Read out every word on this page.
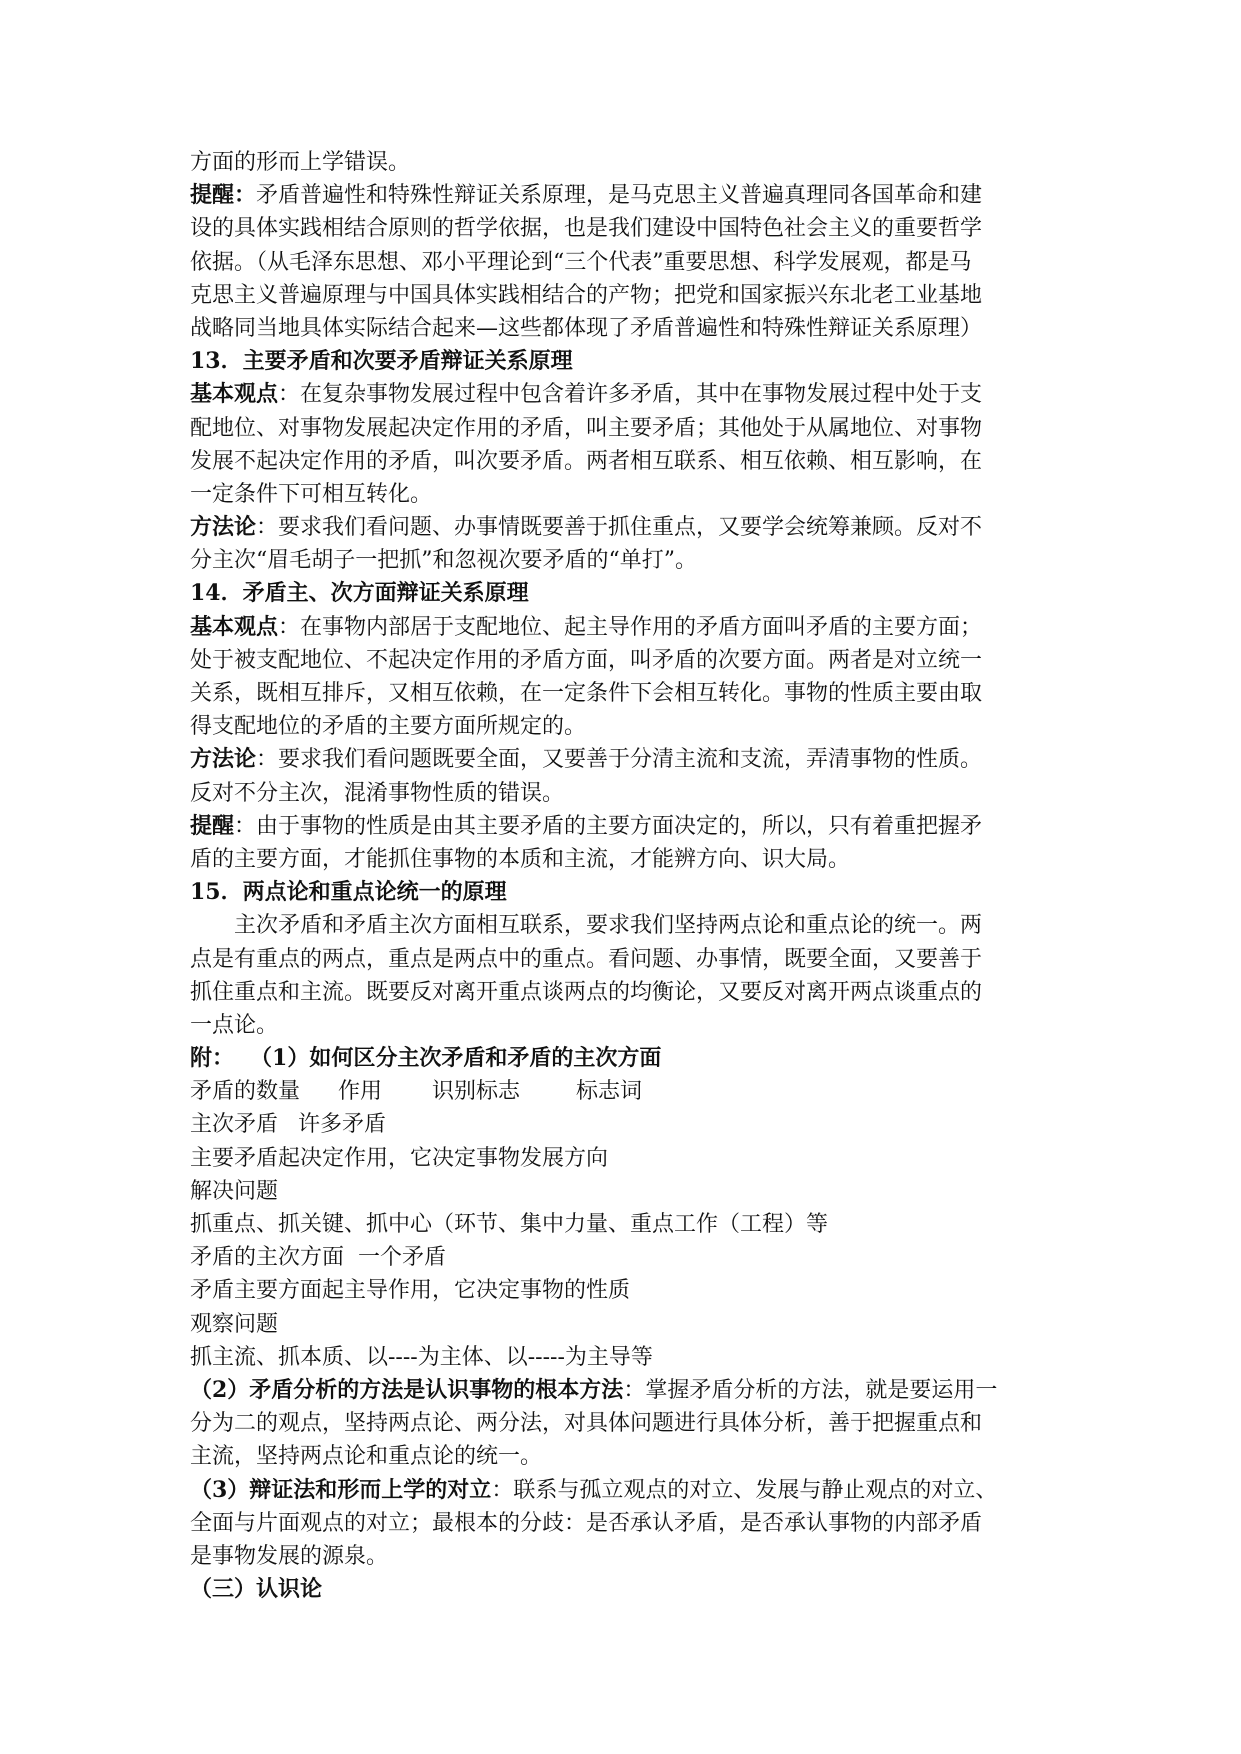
方面的形而上学错误。
提醒：矛盾普遍性和特殊性辩证关系原理，是马克思主义普遍真理同各国革命和建
设的具体实践相结合原则的哲学依据，也是我们建设中国特色社会主义的重要哲学
依据。（从毛泽东思想、邓小平理论到“三个代表”重要思想、科学发展观，都是马
克思主义普遍原理与中国具体实践相结合的产物；把党和国家振兴东北老工业基地
战略同当地具体实际结合起来—这些都体现了矛盾普遍性和特殊性辩证关系原理）
13．主要矛盾和次要矛盾辩证关系原理
基本观点：在复杂事物发展过程中包含着许多矛盾，其中在事物发展过程中处于支
配地位、对事物发展起决定作用的矛盾，叫主要矛盾；其他处于从属地位、对事物
发展不起决定作用的矛盾，叫次要矛盾。两者相互联系、相互依赖、相互影响，在
一定条件下可相互转化。
方法论：要求我们看问题、办事情既要善于抓住重点，又要学会统筹兼顾。反对不
分主次“眉毛胡子一把抓”和忽视次要矛盾的“单打”。
14．矛盾主、次方面辩证关系原理
基本观点：在事物内部居于支配地位、起主导作用的矛盾方面叫矛盾的主要方面；
处于被支配地位、不起决定作用的矛盾方面，叫矛盾的次要方面。两者是对立统一
关系，既相互排斥，又相互依赖，在一定条件下会相互转化。事物的性质主要由取
得支配地位的矛盾的主要方面所规定的。
方法论：要求我们看问题既要全面，又要善于分清主流和支流，弄清事物的性质。
反对不分主次，混淆事物性质的错误。
提醒：由于事物的性质是由其主要矛盾的主要方面决定的，所以，只有着重把握矛
盾的主要方面，才能抓住事物的本质和主流，才能辨方向、识大局。
15．两点论和重点论统一的原理
主次矛盾和矛盾主次方面相互联系，要求我们坚持两点论和重点论的统一。两
点是有重点的两点，重点是两点中的重点。看问题、办事情，既要全面，又要善于
抓住重点和主流。既要反对离开重点谈两点的均衡论，又要反对离开两点谈重点的
一点论。
附： （1）如何区分主次矛盾和矛盾的主次方面
矛盾的数量 作用 识别标志	标志词
主次矛盾 许多矛盾
主要矛盾起决定作用，它决定事物发展方向
解决问题
抓重点、抓关键、抓中心（环节、集中力量、重点工作（工程）等
矛盾的主次方面 一个矛盾
矛盾主要方面起主导作用，它决定事物的性质
观察问题
抓主流、抓本质、以----为主体、以-----为主导等
（2）矛盾分析的方法是认识事物的根本方法：掌握矛盾分析的方法，就是要运用一
分为二的观点，坚持两点论、两分法，对具体问题进行具体分析，善于把握重点和
主流，坚持两点论和重点论的统一。
（3）辩证法和形而上学的对立：联系与孤立观点的对立、发展与静止观点的对立、
全面与片面观点的对立；最根本的分歧：是否承认矛盾，是否承认事物的内部矛盾
是事物发展的源泉。
（三）认识论
